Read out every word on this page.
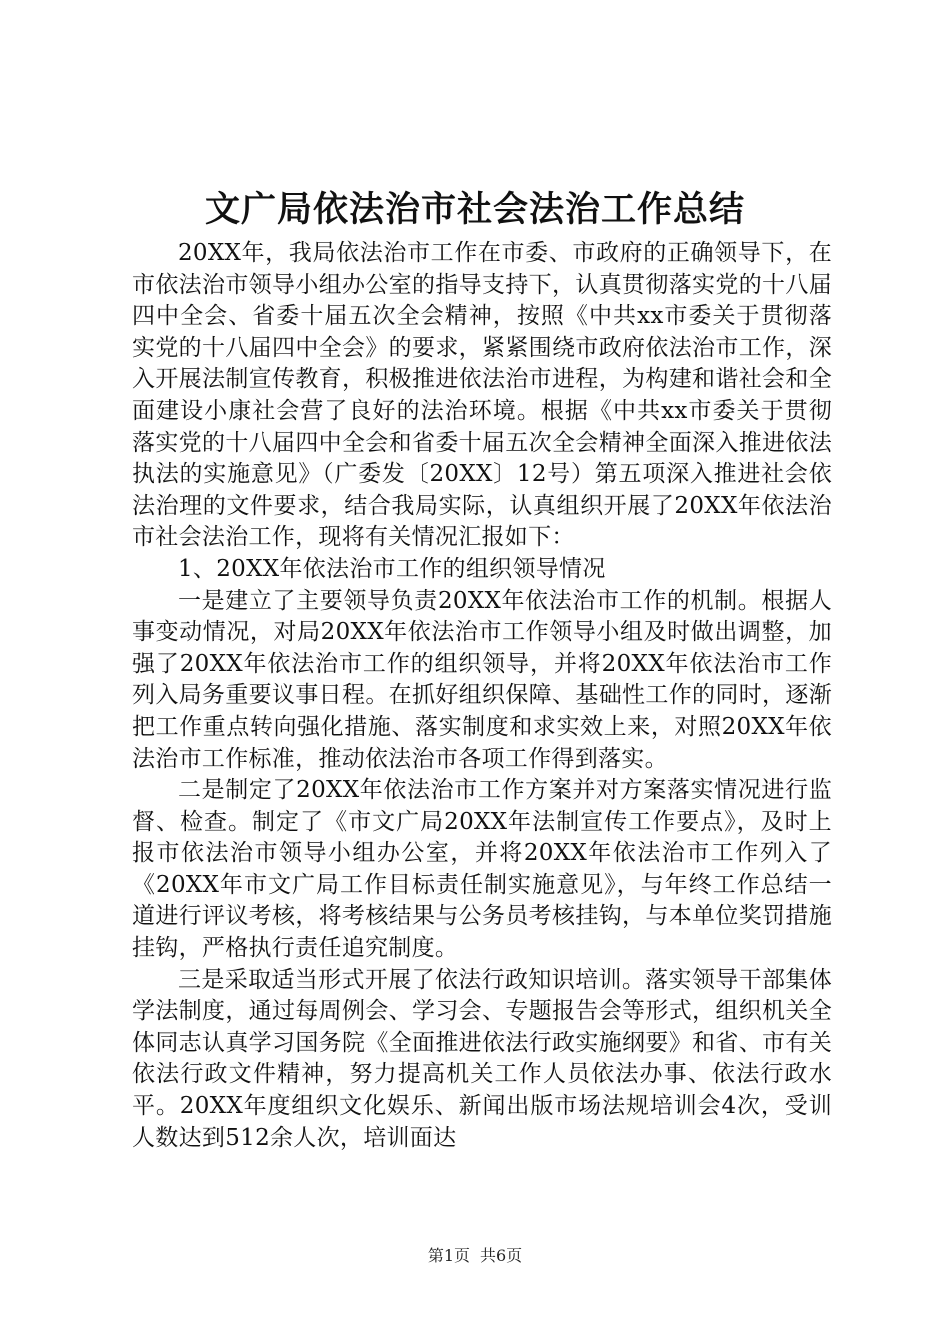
文广局依法治市社会法治工作总结

20XX年，我局依法治市工作在市委、市政府的正确领导下，在市依法治市领导小组办公室的指导支持下，认真贯彻落实党的十八届四中全会、省委十届五次全会精神，按照《中共xx市委关于贯彻落实党的十八届四中全会》的要求，紧紧围绕市政府依法治市工作，深入开展法制宣传教育，积极推进依法治市进程，为构建和谐社会和全面建设小康社会营了良好的法治环境。根据《中共xx市委关于贯彻落实党的十八届四中全会和省委十届五次全会精神全面深入推进依法执法的实施意见》（广委发〔20XX〕12号）第五项深入推进社会依法治理的文件要求，结合我局实际，认真组织开展了20XX年依法治市社会法治工作，现将有关情况汇报如下：

1、20XX年依法治市工作的组织领导情况

一是建立了主要领导负责20XX年依法治市工作的机制。根据人事变动情况，对局20XX年依法治市工作领导小组及时做出调整，加强了20XX年依法治市工作的组织领导，并将20XX年依法治市工作列入局务重要议事日程。在抓好组织保障、基础性工作的同时，逐渐把工作重点转向强化措施、落实制度和求实效上来，对照20XX年依法治市工作标准，推动依法治市各项工作得到落实。

二是制定了20XX年依法治市工作方案并对方案落实情况进行监督、检查。制定了《市文广局20XX年法制宣传工作要点》，及时上报市依法治市领导小组办公室，并将20XX年依法治市工作列入了《20XX年市文广局工作目标责任制实施意见》，与年终工作总结一道进行评议考核，将考核结果与公务员考核挂钩，与本单位奖罚措施挂钩，严格执行责任追究制度。

三是采取适当形式开展了依法行政知识培训。落实领导干部集体学法制度，通过每周例会、学习会、专题报告会等形式，组织机关全体同志认真学习国务院《全面推进依法行政实施纲要》和省、市有关依法行政文件精神，努力提高机关工作人员依法办事、依法行政水平。20XX年度组织文化娱乐、新闻出版市场法规培训会4次，受训人数达到512余人次，培训面达

第1页 共6页
